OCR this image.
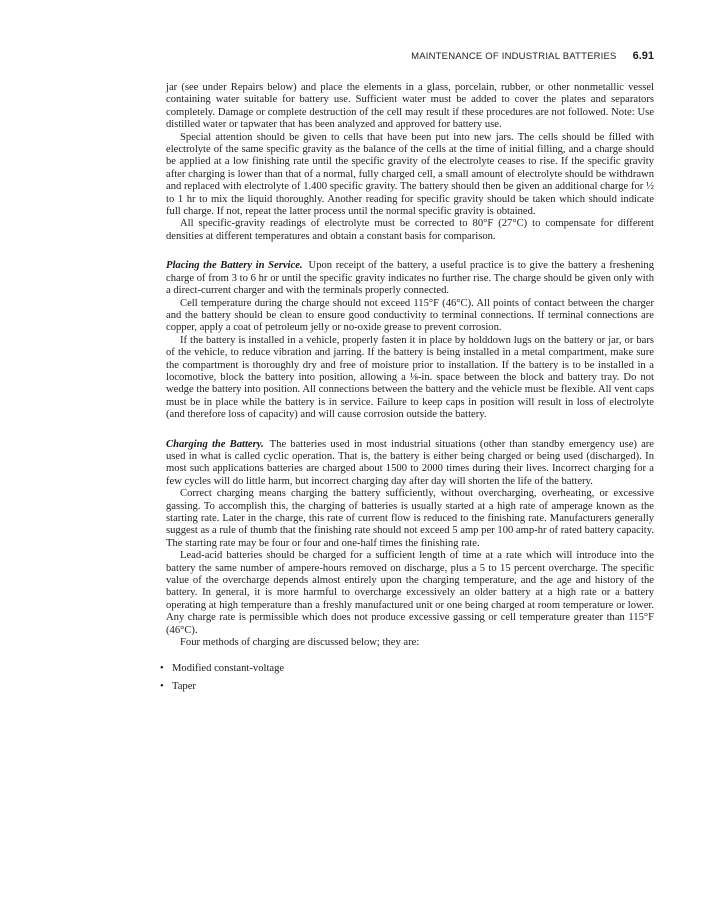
MAINTENANCE OF INDUSTRIAL BATTERIES 6.91

jar (see under Repairs below) and place the elements in a glass, porcelain, rubber, or other nonmetallic vessel containing water suitable for battery use. Sufficient water must be added to cover the plates and separators completely. Damage or complete destruction of the cell may result if these procedures are not followed. Note: Use distilled water or tapwater that has been analyzed and approved for battery use.

Special attention should be given to cells that have been put into new jars. The cells should be filled with electrolyte of the same specific gravity as the balance of the cells at the time of initial filling, and a charge should be applied at a low finishing rate until the specific gravity of the electrolyte ceases to rise. If the specific gravity after charging is lower than that of a normal, fully charged cell, a small amount of electrolyte should be withdrawn and replaced with electrolyte of 1.400 specific gravity. The battery should then be given an additional charge for ½ to 1 hr to mix the liquid thoroughly. Another reading for specific gravity should be taken which should indicate full charge. If not, repeat the latter process until the normal specific gravity is obtained.

All specific-gravity readings of electrolyte must be corrected to 80°F (27°C) to compensate for different densities at different temperatures and obtain a constant basis for comparison.

Placing the Battery in Service. Upon receipt of the battery, a useful practice is to give the battery a freshening charge of from 3 to 6 hr or until the specific gravity indicates no further rise. The charge should be given only with a direct-current charger and with the terminals properly connected.

Cell temperature during the charge should not exceed 115°F (46°C). All points of contact between the charger and the battery should be clean to ensure good conductivity to terminal connections. If terminal connections are copper, apply a coat of petroleum jelly or no-oxide grease to prevent corrosion.

If the battery is installed in a vehicle, properly fasten it in place by holddown lugs on the battery or jar, or bars of the vehicle, to reduce vibration and jarring. If the battery is being installed in a metal compartment, make sure the compartment is thoroughly dry and free of moisture prior to installation. If the battery is to be installed in a locomotive, block the battery into position, allowing a ⅛-in. space between the block and battery tray. Do not wedge the battery into position. All connections between the battery and the vehicle must be flexible. All vent caps must be in place while the battery is in service. Failure to keep caps in position will result in loss of electrolyte (and therefore loss of capacity) and will cause corrosion outside the battery.

Charging the Battery. The batteries used in most industrial situations (other than standby emergency use) are used in what is called cyclic operation. That is, the battery is either being charged or being used (discharged). In most such applications batteries are charged about 1500 to 2000 times during their lives. Incorrect charging for a few cycles will do little harm, but incorrect charging day after day will shorten the life of the battery.

Correct charging means charging the battery sufficiently, without overcharging, overheating, or excessive gassing. To accomplish this, the charging of batteries is usually started at a high rate of amperage known as the starting rate. Later in the charge, this rate of current flow is reduced to the finishing rate. Manufacturers generally suggest as a rule of thumb that the finishing rate should not exceed 5 amp per 100 amp-hr of rated battery capacity. The starting rate may be four or four and one-half times the finishing rate.

Lead-acid batteries should be charged for a sufficient length of time at a rate which will introduce into the battery the same number of ampere-hours removed on discharge, plus a 5 to 15 percent overcharge. The specific value of the overcharge depends almost entirely upon the charging temperature, and the age and history of the battery. In general, it is more harmful to overcharge excessively an older battery at a high rate or a battery operating at high temperature than a freshly manufactured unit or one being charged at room temperature or lower. Any charge rate is permissible which does not produce excessive gassing or cell temperature greater than 115°F (46°C).

Four methods of charging are discussed below; they are:

• Modified constant-voltage
• Taper
